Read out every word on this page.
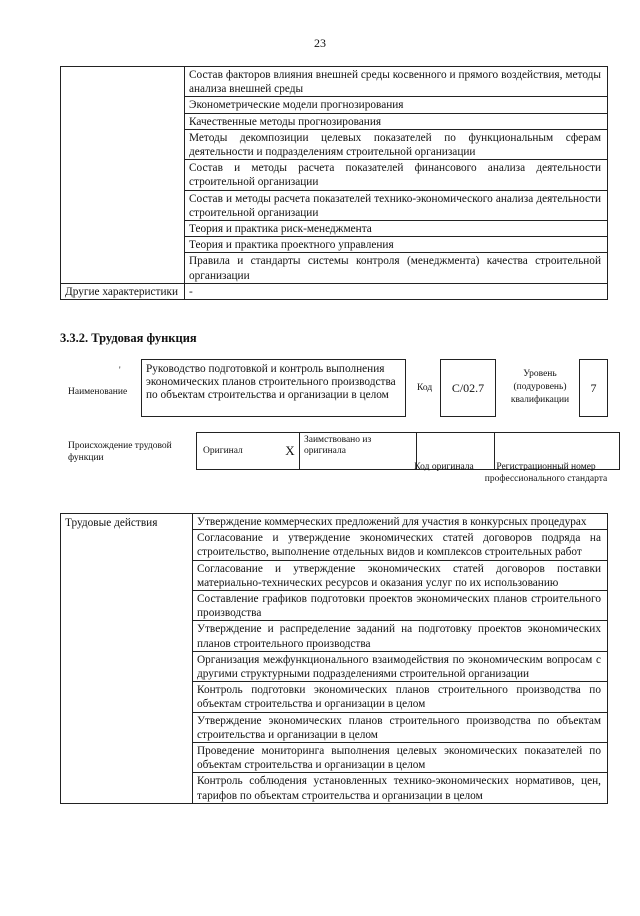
23
	Состав факторов влияния внешней среды косвенного и прямого воздействия, методы анализа внешней среды
	Эконометрические модели прогнозирования
	Качественные методы прогнозирования
	Методы декомпозиции целевых показателей по функциональным сферам деятельности и подразделениям строительной организации
	Состав и методы расчета показателей финансового анализа деятельности строительной организации
	Состав и методы расчета показателей технико-экономического анализа деятельности строительной организации
	Теория и практика риск-менеджмента
	Теория и практика проектного управления
	Правила и стандарты системы контроля (менеджмента) качества строительной организации
Другие характеристики	-
3.3.2. Трудовая функция
'
Наименование
Руководство подготовкой и контроль выполнения экономических планов строительного производства по объектам строительства и организации в целом
Код	C/02.7
Уровень (подуровень) квалификации
7
Происхождение трудовой функции
Оригинал	X	Заимствовано из оригинала		
Код оригинала	Регистрационный номер профессионального стандарта
Трудовые действия	Утверждение коммерческих предложений для участия в конкурсных процедурах
Согласование и утверждение экономических статей договоров подряда на строительство, выполнение отдельных видов и комплексов строительных работ
Согласование и утверждение экономических статей договоров поставки материально-технических ресурсов и оказания услуг по их использованию
Составление графиков подготовки проектов экономических планов строительного производства
Утверждение и распределение заданий на подготовку проектов экономических планов строительного производства
Организация межфункционального взаимодействия по экономическим вопросам с другими структурными подразделениями строительной организации
Контроль подготовки экономических планов строительного производства по объектам строительства и организации в целом
Утверждение экономических планов строительного производства по объектам строительства и организации в целом
Проведение мониторинга выполнения целевых экономических показателей по объектам строительства и организации в целом
Контроль соблюдения установленных технико-экономических нормативов, цен, тарифов по объектам строительства и организации в целом
